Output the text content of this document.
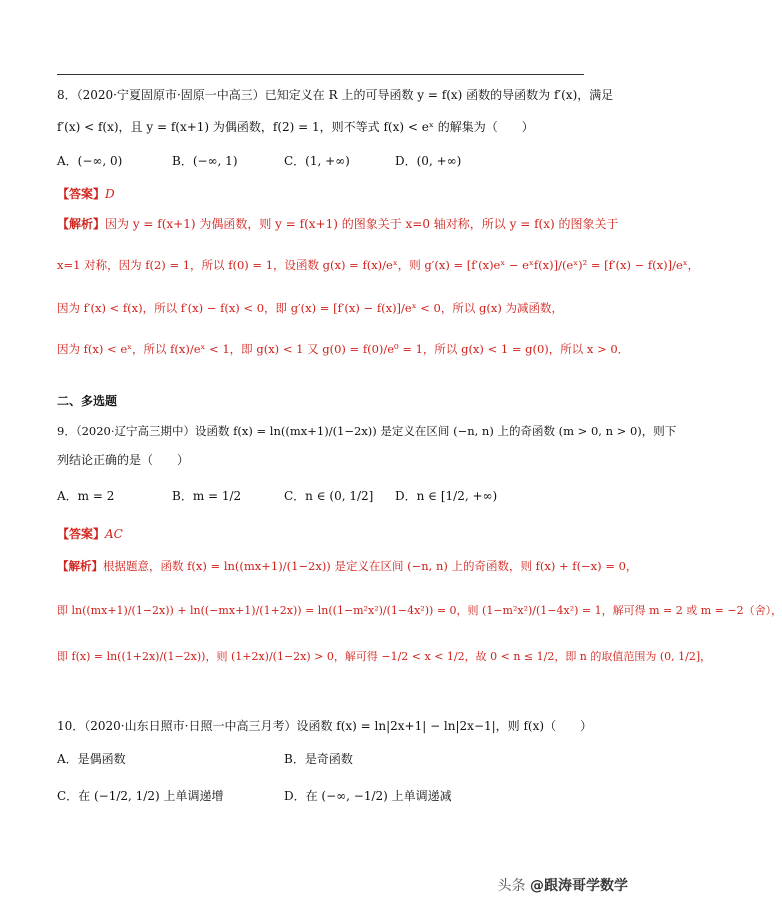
8．（2020·宁夏固原市·固原一中高三）已知定义在 R 上的可导函数 y = f(x) 函数的导函数为 f′(x)，满足
f′(x) < f(x)，且 y = f(x+1) 为偶函数，f(2) = 1，则不等式 f(x) < eˣ 的解集为（　　）
A．(−∞, 0)	B．(−∞, 1)	C．(1, +∞)	D．(0, +∞)
【答案】D
【解析】因为 y = f(x+1) 为偶函数，则 y = f(x+1) 的图象关于 x=0 轴对称，所以 y = f(x) 的图象关于
x=1 对称，因为 f(2) = 1，所以 f(0) = 1，设函数 g(x) = f(x)/eˣ，则 g′(x) = [f′(x)eˣ − eˣf(x)]/(eˣ)² = [f′(x) − f(x)]/eˣ，
因为 f′(x) < f(x)，所以 f′(x) − f(x) < 0，即 g′(x) = [f′(x) − f(x)]/eˣ < 0，所以 g(x) 为减函数，
因为 f(x) < eˣ，所以 f(x)/eˣ < 1，即 g(x) < 1 又 g(0) = f(0)/e⁰ = 1，所以 g(x) < 1 = g(0)，所以 x > 0．
二、多选题
9．（2020·辽宁高三期中）设函数 f(x) = ln((mx+1)/(1−2x)) 是定义在区间 (−n, n) 上的奇函数 (m > 0, n > 0)，则下
列结论正确的是（　　）
A．m = 2	B．m = 1/2	C．n ∈ (0, 1/2] D．n ∈ [1/2, +∞)
【答案】AC
【解析】根据题意，函数 f(x) = ln((mx+1)/(1−2x)) 是定义在区间 (−n, n) 上的奇函数，则 f(x) + f(−x) = 0，
即 ln((mx+1)/(1−2x)) + ln((−mx+1)/(1+2x)) = ln((1−m²x²)/(1−4x²)) = 0，则 (1−m²x²)/(1−4x²) = 1，解可得 m = 2 或 m = −2（舍），
即 f(x) = ln((1+2x)/(1−2x))，则 (1+2x)/(1−2x) > 0，解可得 −1/2 < x < 1/2，故 0 < n ≤ 1/2，即 n 的取值范围为 (0, 1/2]，
10．（2020·山东日照市·日照一中高三月考）设函数 f(x) = ln|2x+1| − ln|2x−1|，则 f(x)（　　）
A．是偶函数	B．是奇函数
C．在 (−1/2, 1/2) 上单调递增	D．在 (−∞, −1/2) 上单调递减
头条 @跟涛哥学数学
